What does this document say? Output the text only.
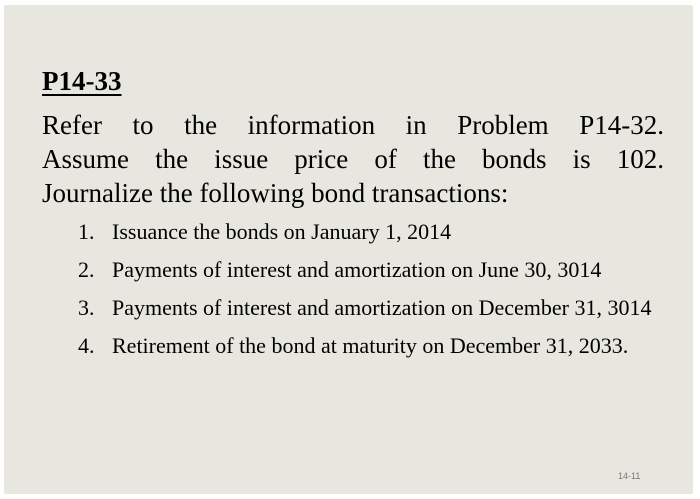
P14-33

Refer to the information in Problem P14-32.
Assume the issue price of the bonds is 102.
Journalize the following bond transactions:

1. Issuance the bonds on January 1, 2014
2. Payments of interest and amortization on June 30, 3014
3. Payments of interest and amortization on December 31, 3014
4. Retirement of the bond at maturity on December 31, 2033.
14-11
